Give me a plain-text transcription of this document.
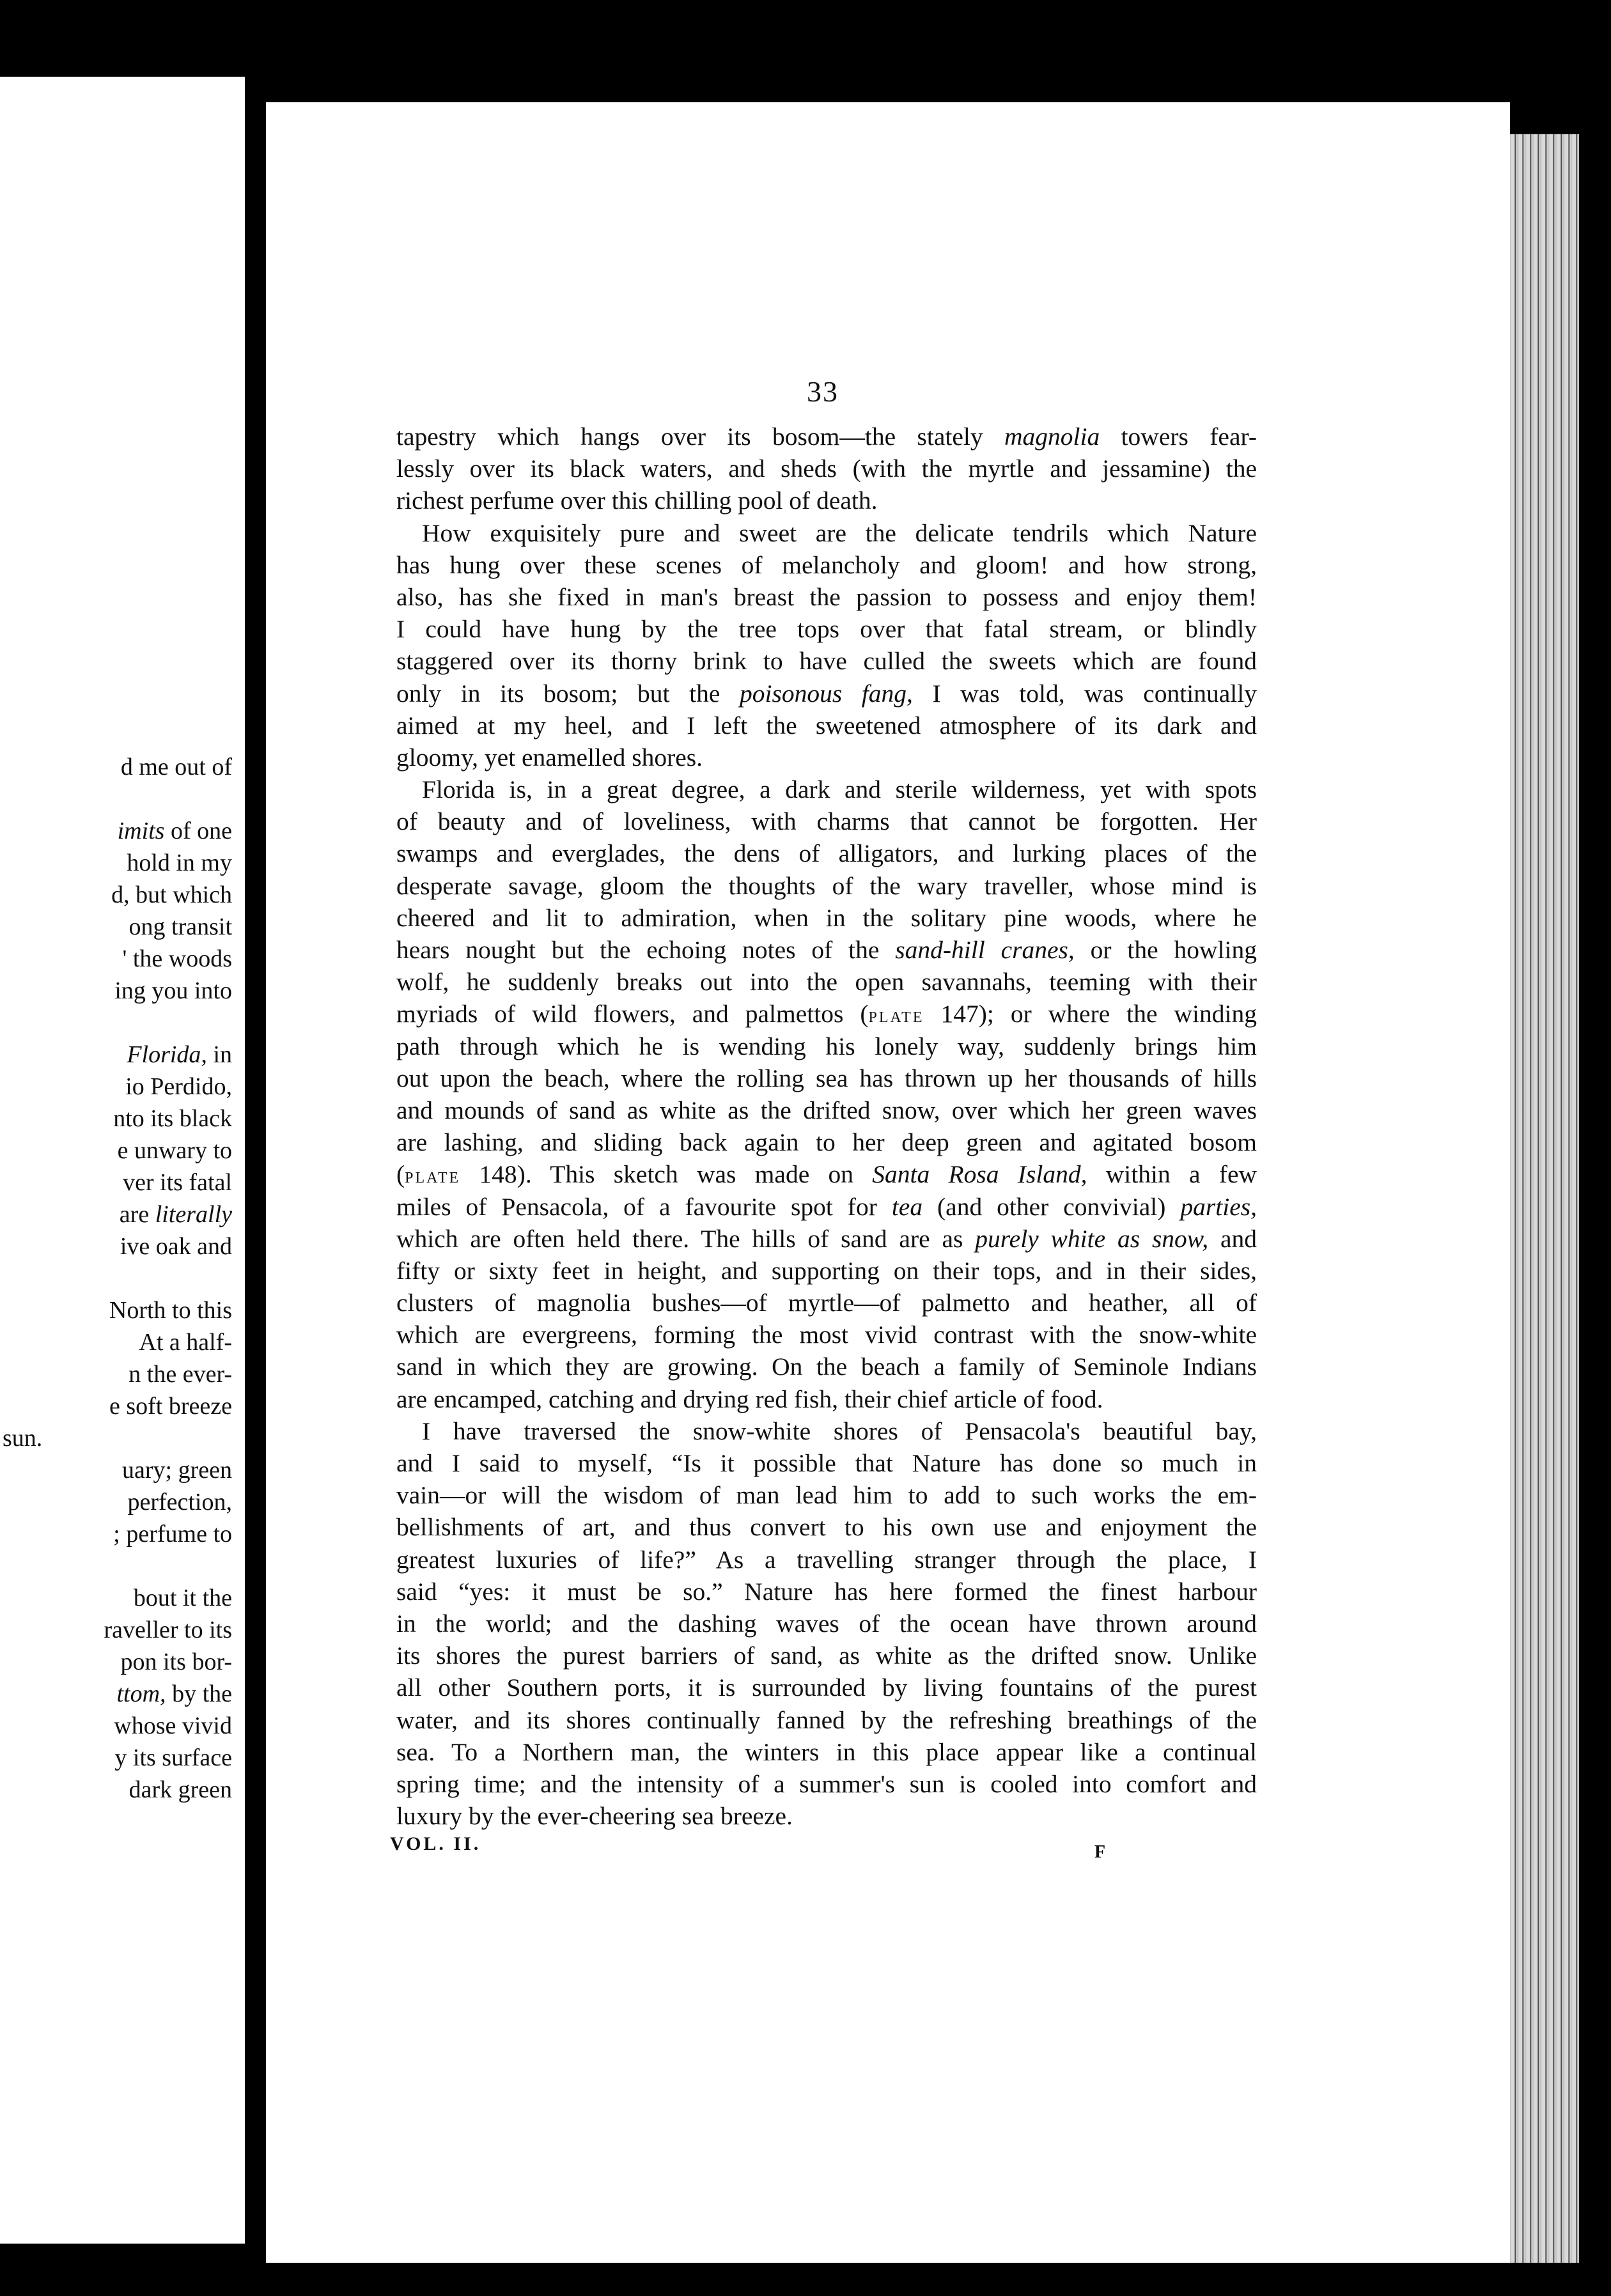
d me out of
imits of one
hold in my
d, but which
ong transit
' the woods
ing you into
Florida, in
io Perdido,
nto its black
e unwary to
ver its fatal
are literally
ive oak and
North to this
At a half-
n the ever-
e soft breeze
sun.
uary; green
perfection,
; perfume to
bout it the
raveller to its
pon its bor-
ttom, by the
whose vivid
y its surface
dark green
33
tapestry which hangs over its bosom—the stately magnolia towers fear-
lessly over its black waters, and sheds (with the myrtle and jessamine) the
richest perfume over this chilling pool of death.
How exquisitely pure and sweet are the delicate tendrils which Nature
has hung over these scenes of melancholy and gloom! and how strong,
also, has she fixed in man's breast the passion to possess and enjoy them!
I could have hung by the tree tops over that fatal stream, or blindly
staggered over its thorny brink to have culled the sweets which are found
only in its bosom; but the poisonous fang, I was told, was continually
aimed at my heel, and I left the sweetened atmosphere of its dark and
gloomy, yet enamelled shores.
Florida is, in a great degree, a dark and sterile wilderness, yet with spots
of beauty and of loveliness, with charms that cannot be forgotten. Her
swamps and everglades, the dens of alligators, and lurking places of the
desperate savage, gloom the thoughts of the wary traveller, whose mind is
cheered and lit to admiration, when in the solitary pine woods, where he
hears nought but the echoing notes of the sand-hill cranes, or the howling
wolf, he suddenly breaks out into the open savannahs, teeming with their
myriads of wild flowers, and palmettos (plate 147); or where the winding
path through which he is wending his lonely way, suddenly brings him
out upon the beach, where the rolling sea has thrown up her thousands of hills
and mounds of sand as white as the drifted snow, over which her green waves
are lashing, and sliding back again to her deep green and agitated bosom
(plate 148). This sketch was made on Santa Rosa Island, within a few
miles of Pensacola, of a favourite spot for tea (and other convivial) parties,
which are often held there. The hills of sand are as purely white as snow, and
fifty or sixty feet in height, and supporting on their tops, and in their sides,
clusters of magnolia bushes—of myrtle—of palmetto and heather, all of
which are evergreens, forming the most vivid contrast with the snow-white
sand in which they are growing. On the beach a family of Seminole Indians
are encamped, catching and drying red fish, their chief article of food.
I have traversed the snow-white shores of Pensacola's beautiful bay,
and I said to myself, “Is it possible that Nature has done so much in
vain—or will the wisdom of man lead him to add to such works the em-
bellishments of art, and thus convert to his own use and enjoyment the
greatest luxuries of life?” As a travelling stranger through the place, I
said “yes: it must be so.” Nature has here formed the finest harbour
in the world; and the dashing waves of the ocean have thrown around
its shores the purest barriers of sand, as white as the drifted snow. Unlike
all other Southern ports, it is surrounded by living fountains of the purest
water, and its shores continually fanned by the refreshing breathings of the
sea. To a Northern man, the winters in this place appear like a continual
spring time; and the intensity of a summer's sun is cooled into comfort and
luxury by the ever-cheering sea breeze.
VOL. II.	F
